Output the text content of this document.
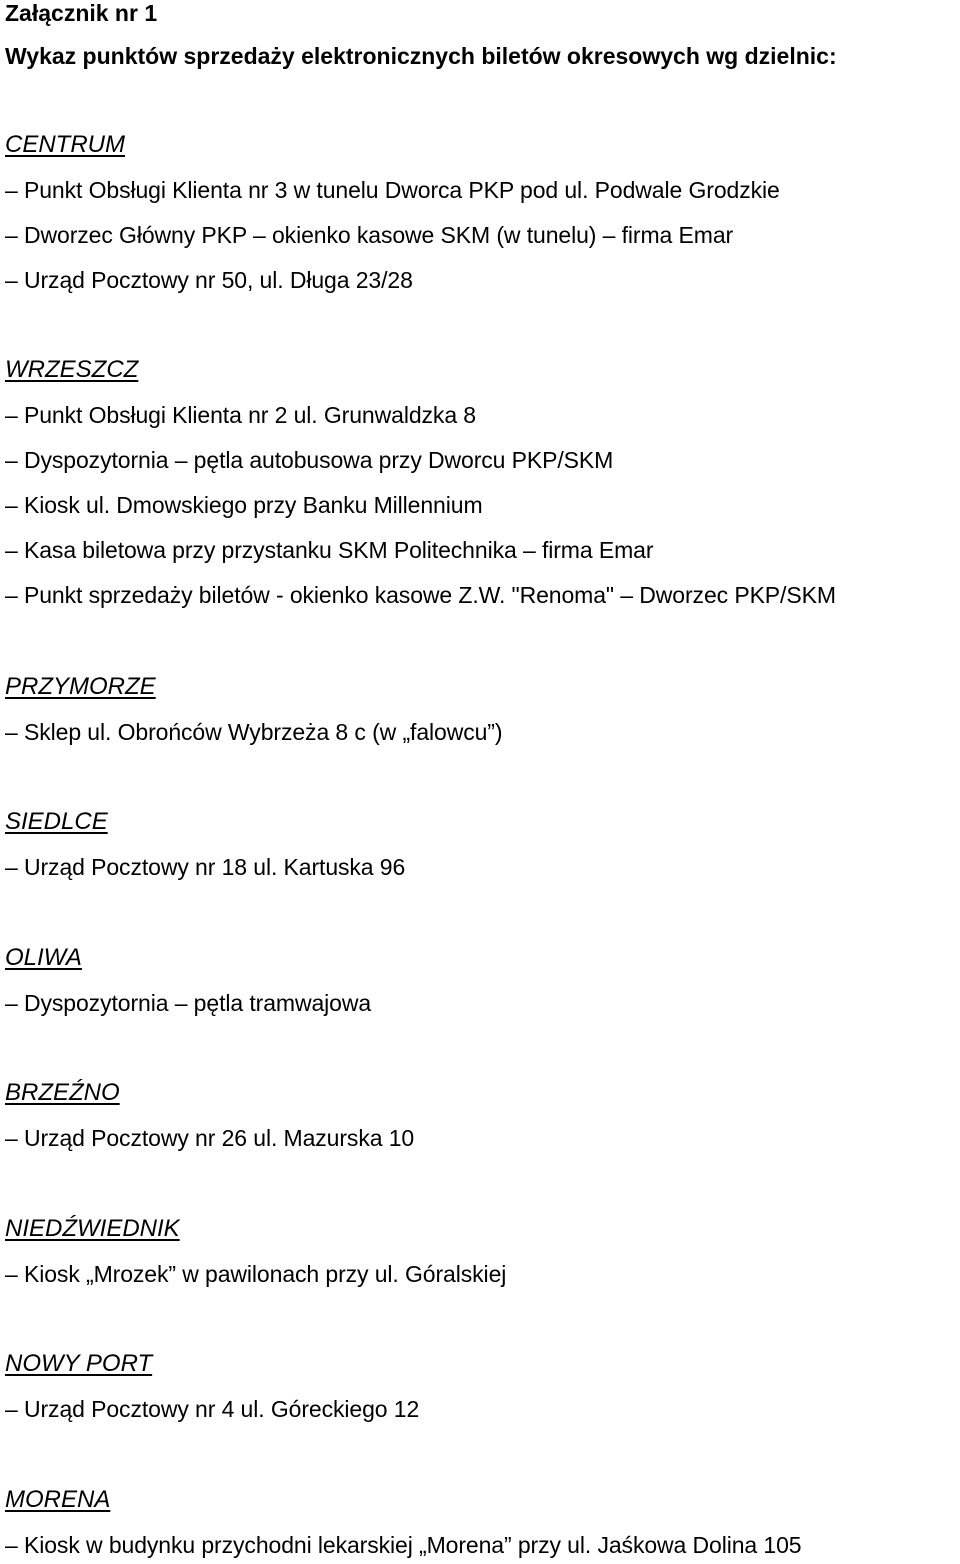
Załącznik nr 1
Wykaz punktów sprzedaży elektronicznych biletów okresowych wg dzielnic:
CENTRUM
– Punkt Obsługi Klienta nr 3 w tunelu Dworca PKP pod ul. Podwale Grodzkie
– Dworzec Główny PKP – okienko kasowe SKM (w tunelu) – firma Emar
– Urząd Pocztowy nr 50, ul. Długa 23/28
WRZESZCZ
– Punkt Obsługi Klienta nr 2 ul. Grunwaldzka 8
– Dyspozytornia – pętla autobusowa przy Dworcu PKP/SKM
– Kiosk ul. Dmowskiego przy Banku Millennium
– Kasa biletowa przy przystanku SKM Politechnika – firma Emar
– Punkt sprzedaży biletów - okienko kasowe Z.W. "Renoma" – Dworzec PKP/SKM
PRZYMORZE
– Sklep ul. Obrońców Wybrzeża 8 c (w „falowcu”)
SIEDLCE
– Urząd Pocztowy nr 18 ul. Kartuska 96
OLIWA
– Dyspozytornia – pętla tramwajowa
BRZEŹNO
– Urząd Pocztowy nr 26 ul. Mazurska 10
NIEDŹWIEDNIK
– Kiosk „Mrozek” w pawilonach przy ul. Góralskiej
NOWY PORT
– Urząd Pocztowy nr 4 ul. Góreckiego 12
MORENA
– Kiosk w budynku przychodni lekarskiej „Morena” przy ul. Jaśkowa Dolina 105
